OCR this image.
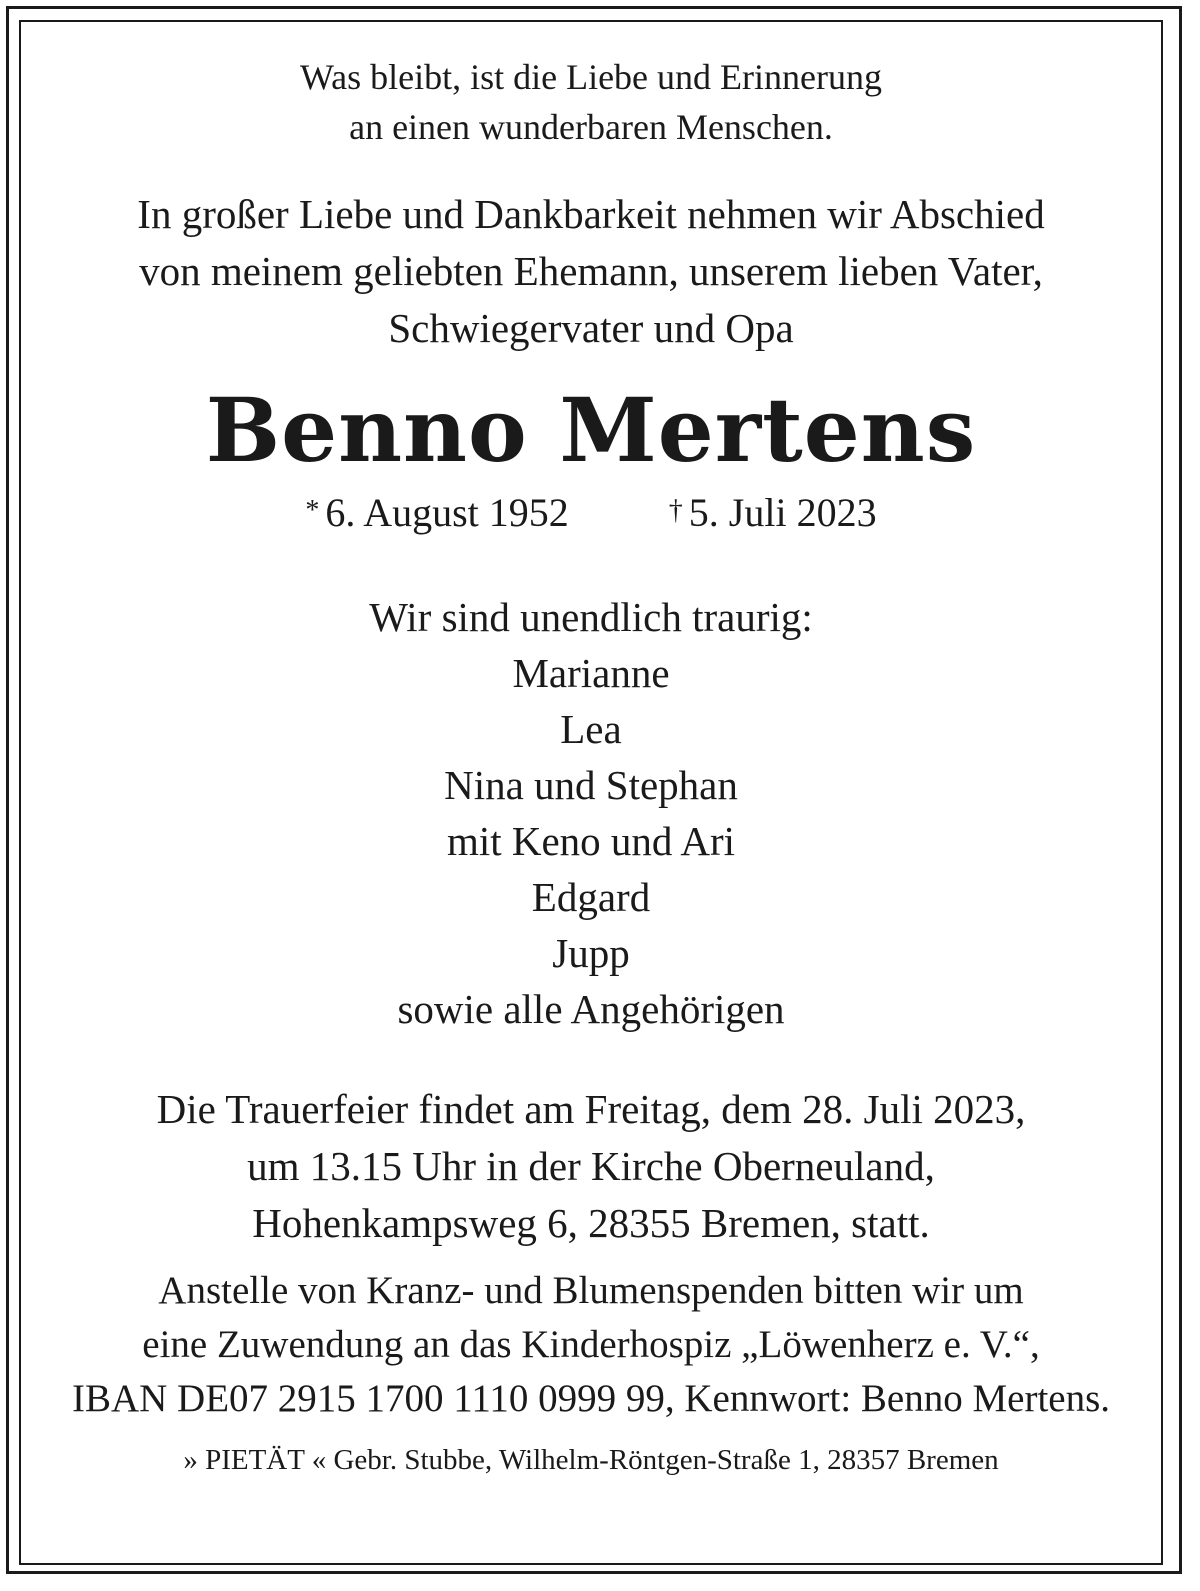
Was bleibt, ist die Liebe und Erinnerung
an einen wunderbaren Menschen.
In großer Liebe und Dankbarkeit nehmen wir Abschied
von meinem geliebten Ehemann, unserem lieben Vater,
Schwiegervater und Opa
Benno Mertens
* 6. August 1952	† 5. Juli 2023
Wir sind unendlich traurig:
Marianne
Lea
Nina und Stephan
mit Keno und Ari
Edgard
Jupp
sowie alle Angehörigen
Die Trauerfeier findet am Freitag, dem 28. Juli 2023,
um 13.15 Uhr in der Kirche Oberneuland,
Hohenkampsweg 6, 28355 Bremen, statt.
Anstelle von Kranz- und Blumenspenden bitten wir um
eine Zuwendung an das Kinderhospiz „Löwenherz e. V.“,
IBAN DE07 2915 1700 1110 0999 99, Kennwort: Benno Mertens.
» PIETÄT « Gebr. Stubbe, Wilhelm-Röntgen-Straße 1, 28357 Bremen
